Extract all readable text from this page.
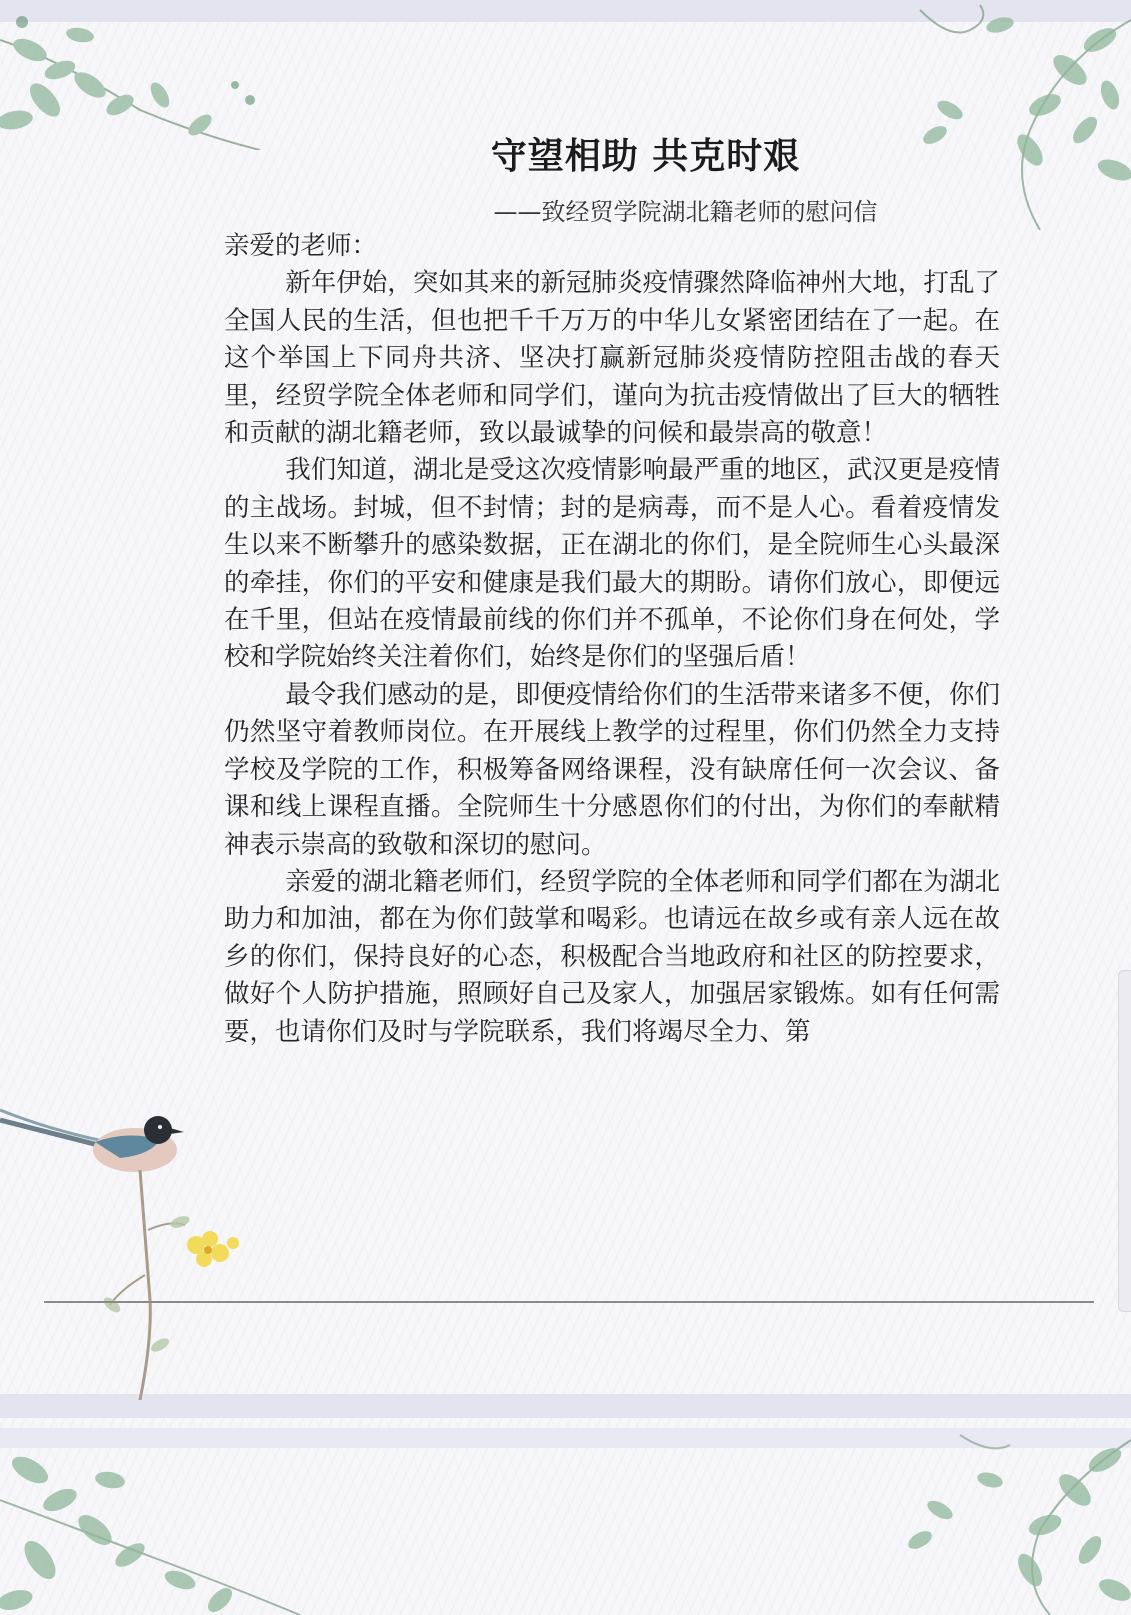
守望相助 共克时艰
——致经贸学院湖北籍老师的慰问信

亲爱的老师：

新年伊始，突如其来的新冠肺炎疫情骤然降临神州大地，打乱了全国人民的生活，但也把千千万万的中华儿女紧密团结在了一起。在这个举国上下同舟共济、坚决打赢新冠肺炎疫情防控阻击战的春天里，经贸学院全体老师和同学们，谨向为抗击疫情做出了巨大的牺牲和贡献的湖北籍老师，致以最诚挚的问候和最崇高的敬意！

我们知道，湖北是受这次疫情影响最严重的地区，武汉更是疫情的主战场。封城，但不封情；封的是病毒，而不是人心。看着疫情发生以来不断攀升的感染数据，正在湖北的你们，是全院师生心头最深的牵挂，你们的平安和健康是我们最大的期盼。请你们放心，即便远在千里，但站在疫情最前线的你们并不孤单，不论你们身在何处，学校和学院始终关注着你们，始终是你们的坚强后盾！

最令我们感动的是，即便疫情给你们的生活带来诸多不便，你们仍然坚守着教师岗位。在开展线上教学的过程里，你们仍然全力支持学校及学院的工作，积极筹备网络课程，没有缺席任何一次会议、备课和线上课程直播。全院师生十分感恩你们的付出，为你们的奉献精神表示崇高的致敬和深切的慰问。

亲爱的湖北籍老师们，经贸学院的全体老师和同学们都在为湖北助力和加油，都在为你们鼓掌和喝彩。也请远在故乡或有亲人远在故乡的你们，保持良好的心态，积极配合当地政府和社区的防控要求，做好个人防护措施，照顾好自己及家人，加强居家锻炼。如有任何需要，也请你们及时与学院联系，我们将竭尽全力、第
